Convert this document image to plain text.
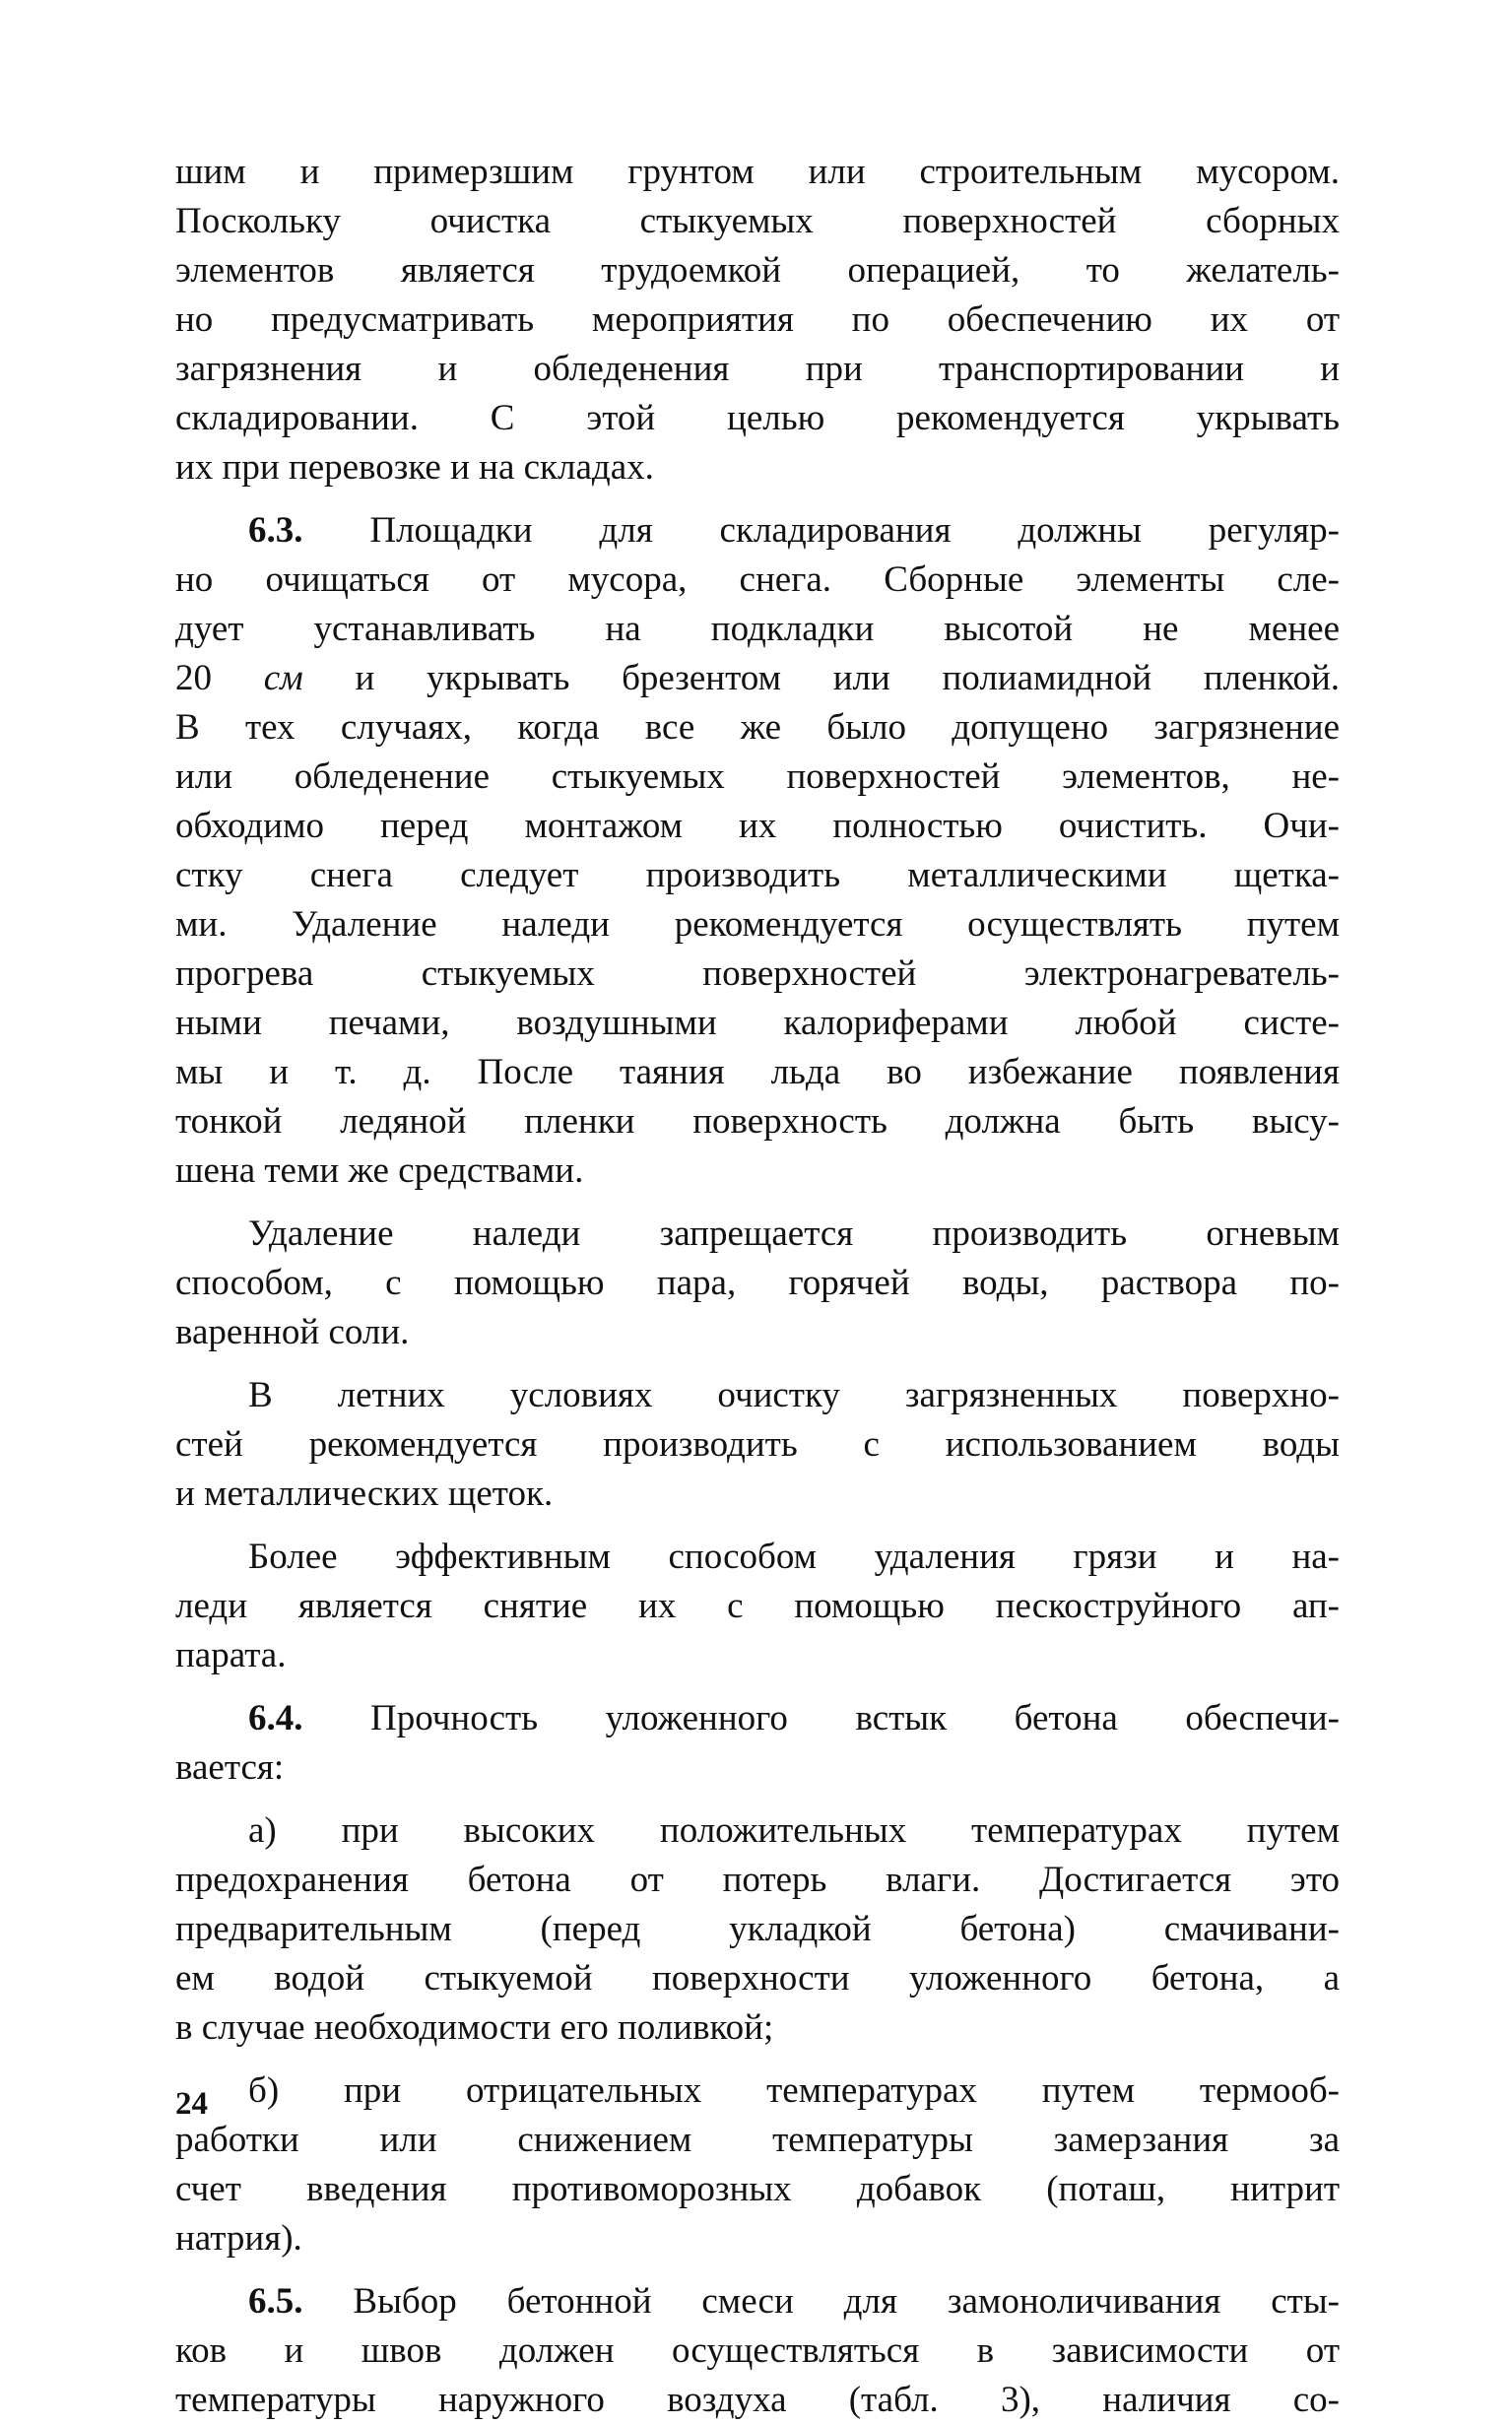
шим и примерзшим грунтом или строительным мусором.
Поскольку очистка стыкуемых поверхностей сборных
элементов является трудоемкой операцией, то желатель-
но предусматривать мероприятия по обеспечению их от
загрязнения и обледенения при транспортировании и
складировании. С этой целью рекомендуется укрывать
их при перевозке и на складах.
6.3. Площадки для складирования должны регуляр-
но очищаться от мусора, снега. Сборные элементы сле-
дует устанавливать на подкладки высотой не менее
20 см и укрывать брезентом или полиамидной пленкой.
В тех случаях, когда все же было допущено загрязнение
или обледенение стыкуемых поверхностей элементов, не-
обходимо перед монтажом их полностью очистить. Очи-
стку снега следует производить металлическими щетка-
ми. Удаление наледи рекомендуется осуществлять путем
прогрева стыкуемых поверхностей электронагреватель-
ными печами, воздушными калориферами любой систе-
мы и т. д. После таяния льда во избежание появления
тонкой ледяной пленки поверхность должна быть высу-
шена теми же средствами.
Удаление наледи запрещается производить огневым
способом, с помощью пара, горячей воды, раствора по-
варенной соли.
В летних условиях очистку загрязненных поверхно-
стей рекомендуется производить с использованием воды
и металлических щеток.
Более эффективным способом удаления грязи и на-
леди является снятие их с помощью пескоструйного ап-
парата.
6.4. Прочность уложенного встык бетона обеспечи-
вается:
а) при высоких положительных температурах путем
предохранения бетона от потерь влаги. Достигается это
предварительным (перед укладкой бетона) смачивани-
ем водой стыкуемой поверхности уложенного бетона, а
в случае необходимости его поливкой;
б) при отрицательных температурах путем термооб-
работки или снижением температуры замерзания за
счет введения противоморозных добавок (поташ, нитрит
натрия).
6.5. Выбор бетонной смеси для замоноличивания сты-
ков и швов должен осуществляться в зависимости от
температуры наружного воздуха (табл. 3), наличия со-
24
